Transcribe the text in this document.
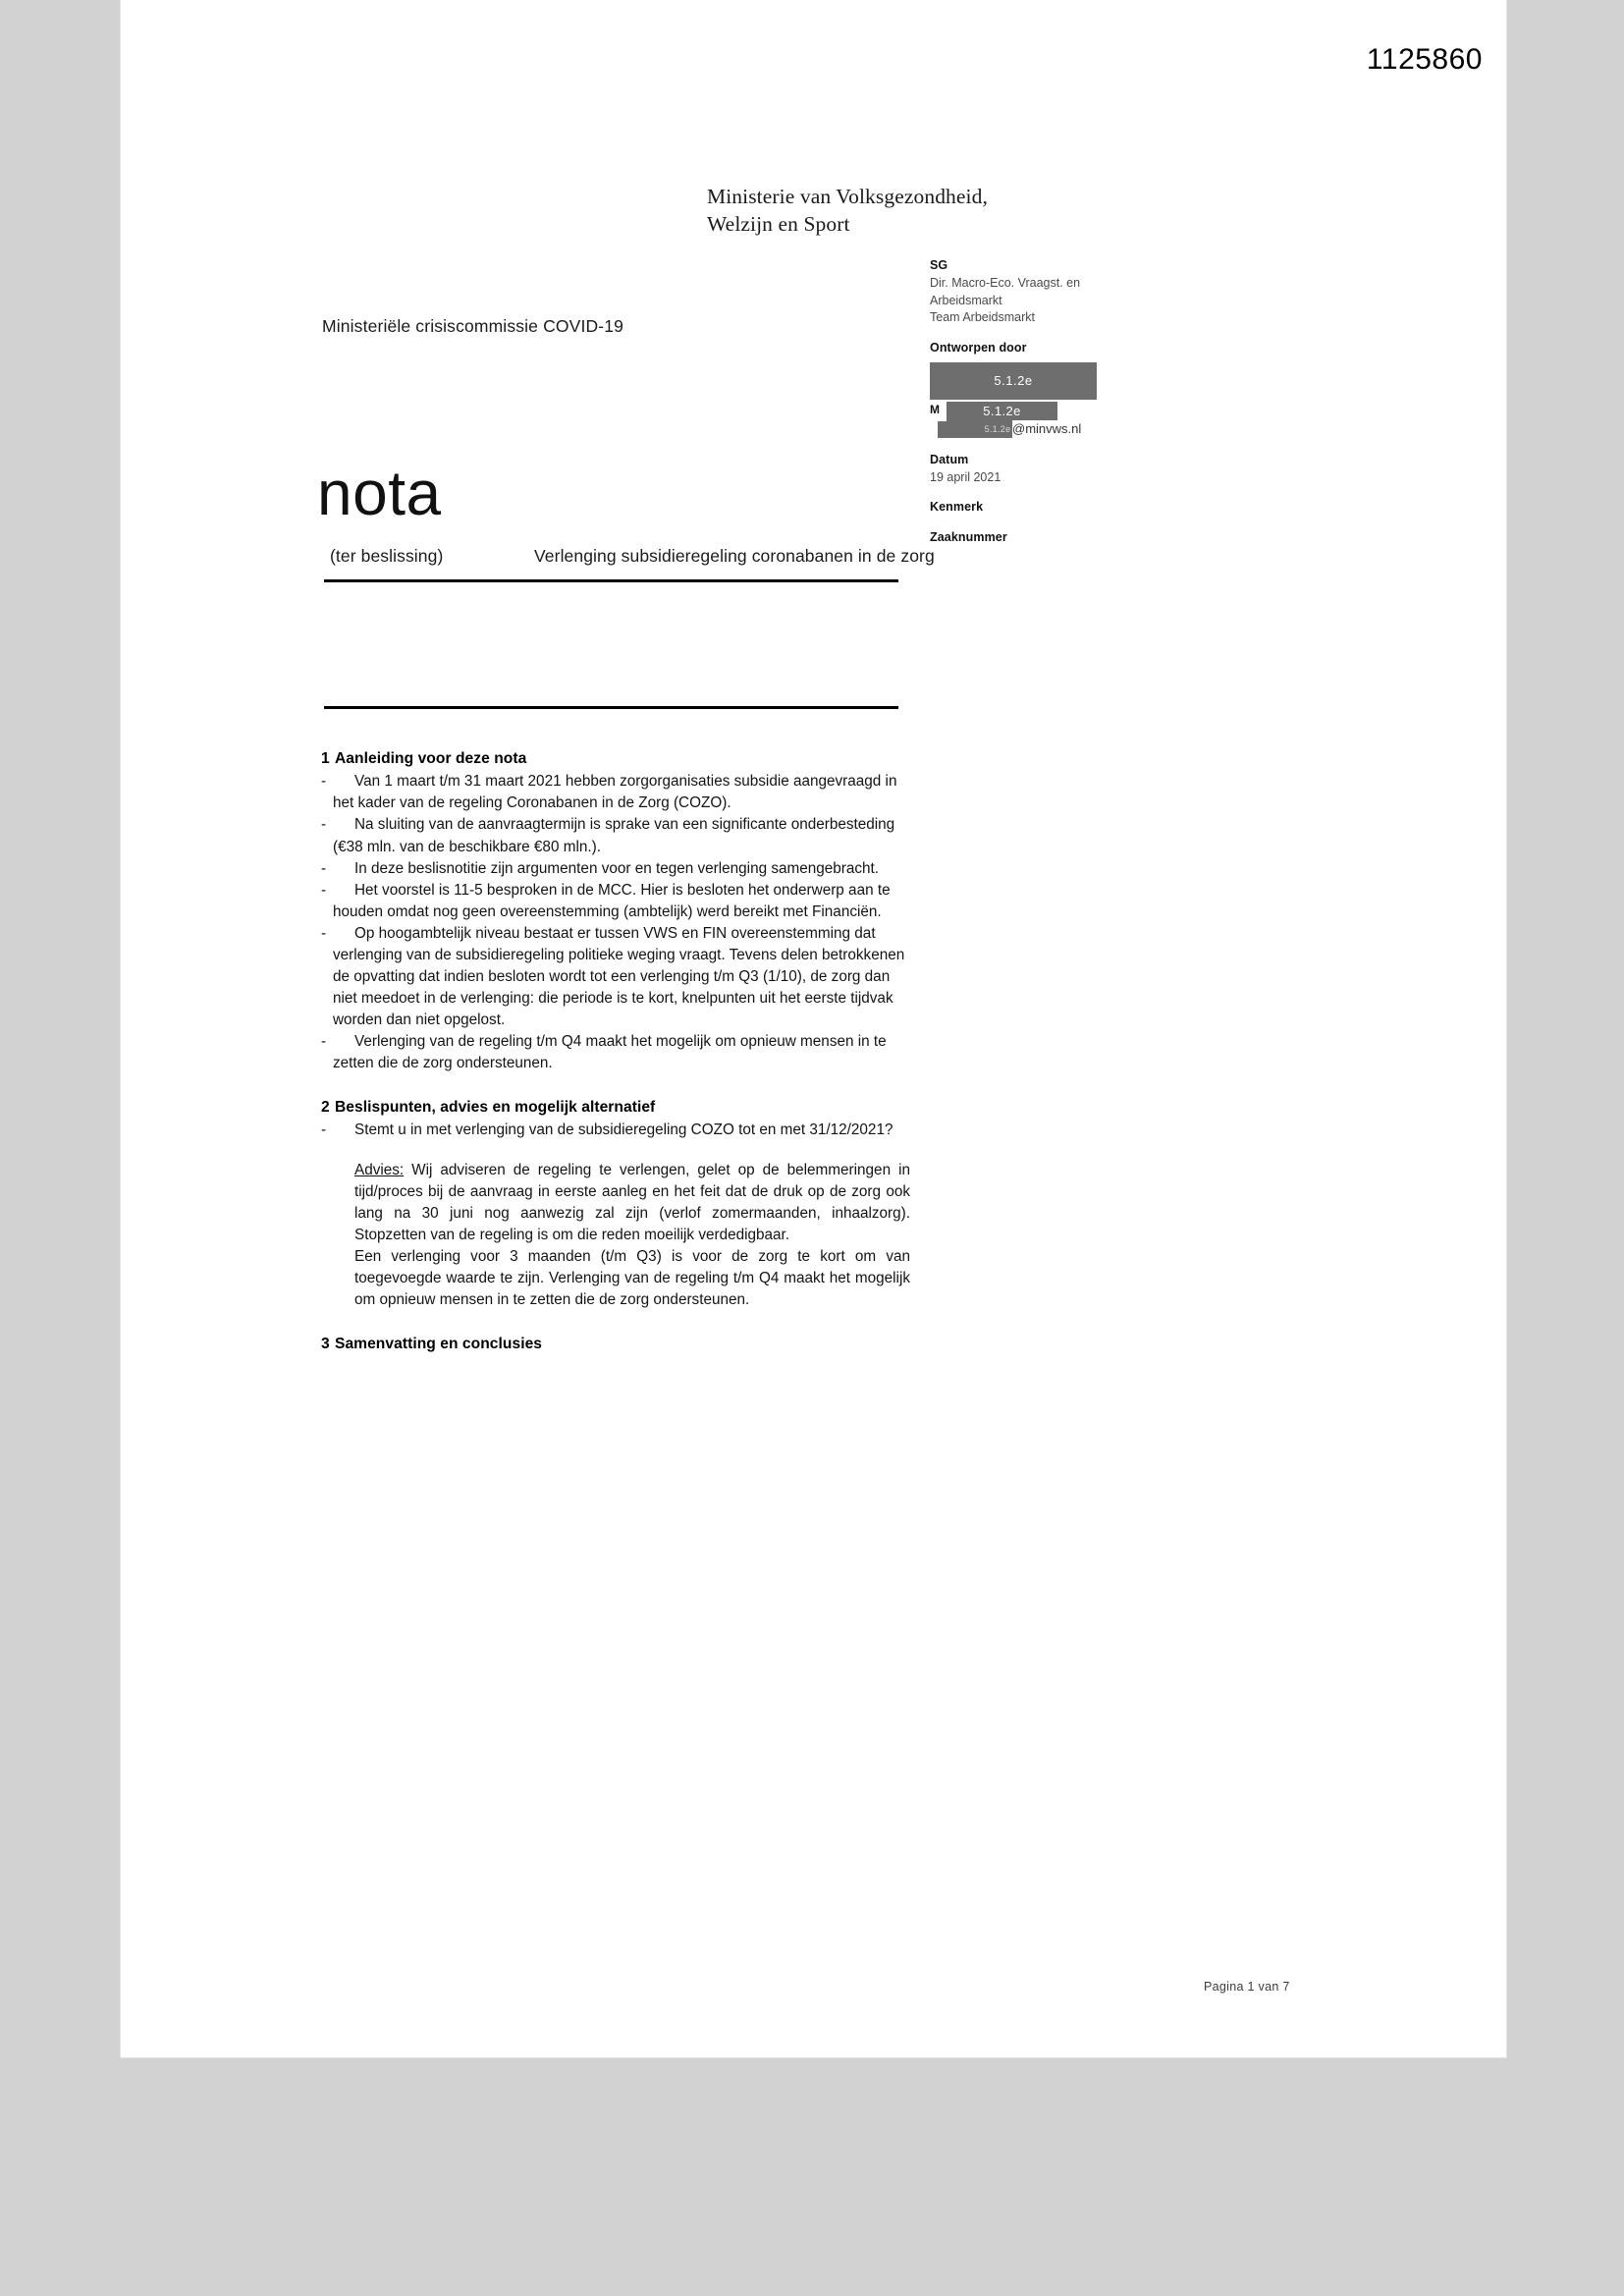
1125860
Ministerie van Volksgezondheid,
Welzijn en Sport
Ministeriële crisiscommissie COVID-19
SG
Dir. Macro-Eco. Vraagst. en
Arbeidsmarkt
Team Arbeidsmarkt
Ontworpen door
5.1.2e
M	5.1.2e
5.1.2e @minvws.nl
Datum
19 april 2021
Kenmerk
Zaaknummer
nota
(ter beslissing)	Verlenging subsidieregeling coronabanen in de zorg
1 Aanleiding voor deze nota
-	Van 1 maart t/m 31 maart 2021 hebben zorgorganisaties subsidie aangevraagd in het kader van de regeling Coronabanen in de Zorg (COZO).
-	Na sluiting van de aanvraagtermijn is sprake van een significante onderbesteding (€38 mln. van de beschikbare €80 mln.).
-	In deze beslisnotitie zijn argumenten voor en tegen verlenging samengebracht.
-	Het voorstel is 11-5 besproken in de MCC. Hier is besloten het onderwerp aan te houden omdat nog geen overeenstemming (ambtelijk) werd bereikt met Financiën.
-	Op hoogambtelijk niveau bestaat er tussen VWS en FIN overeenstemming dat verlenging van de subsidieregeling politieke weging vraagt. Tevens delen betrokkenen de opvatting dat indien besloten wordt tot een verlenging t/m Q3 (1/10), de zorg dan niet meedoet in de verlenging: die periode is te kort, knelpunten uit het eerste tijdvak worden dan niet opgelost.
-	Verlenging van de regeling t/m Q4 maakt het mogelijk om opnieuw mensen in te zetten die de zorg ondersteunen.
2 Beslispunten, advies en mogelijk alternatief
-	Stemt u in met verlenging van de subsidieregeling COZO tot en met 31/12/2021?

Advies: Wij adviseren de regeling te verlengen, gelet op de belemmeringen in tijd/proces bij de aanvraag in eerste aanleg en het feit dat de druk op de zorg ook lang na 30 juni nog aanwezig zal zijn (verlof zomermaanden, inhaalzorg). Stopzetten van de regeling is om die reden moeilijk verdedigbaar.

Een verlenging voor 3 maanden (t/m Q3) is voor de zorg te kort om van toegevoegde waarde te zijn. Verlenging van de regeling t/m Q4 maakt het mogelijk om opnieuw mensen in te zetten die de zorg ondersteunen.

3 Samenvatting en conclusies
Pagina 1 van 7
